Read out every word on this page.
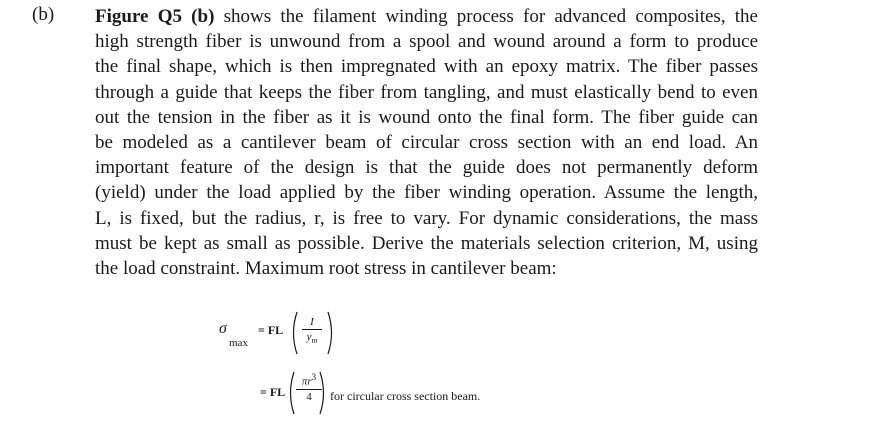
(b) Figure Q5 (b) shows the filament winding process for advanced composites, the
high strength fiber is unwound from a spool and wound around a form to produce
the final shape, which is then impregnated with an epoxy matrix. The fiber passes
through a guide that keeps the fiber from tangling, and must elastically bend to even
out the tension in the fiber as it is wound onto the final form. The fiber guide can
be modeled as a cantilever beam of circular cross section with an end load. An
important feature of the design is that the guide does not permanently deform
(yield) under the load applied by the fiber winding operation. Assume the length,
L, is fixed, but the radius, r, is free to vary. For dynamic considerations, the mass
must be kept as small as possible. Derive the materials selection criterion, M, using
the load constraint. Maximum root stress in cantilever beam:

σ
max
= FL
I
$y_m$
= FL
$\pi r^3$
4	for circular cross section beam.
